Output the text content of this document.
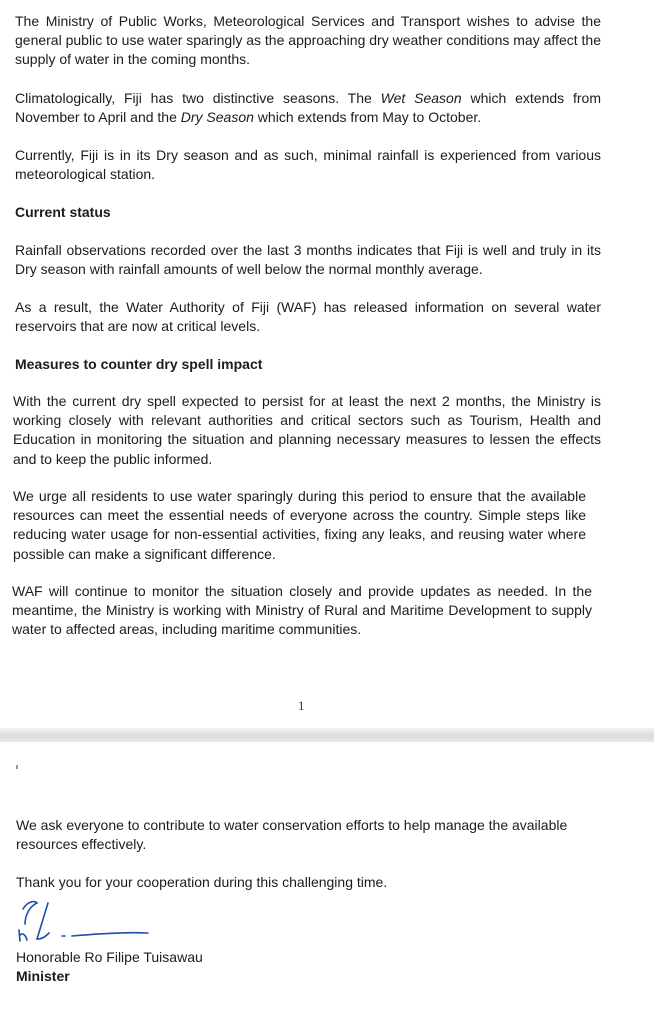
The Ministry of Public Works, Meteorological Services and Transport wishes to advise the general public to use water sparingly as the approaching dry weather conditions may affect the supply of water in the coming months.

Climatologically, Fiji has two distinctive seasons. The Wet Season which extends from November to April and the Dry Season which extends from May to October.

Currently, Fiji is in its Dry season and as such, minimal rainfall is experienced from various meteorological station.

Current status

Rainfall observations recorded over the last 3 months indicates that Fiji is well and truly in its Dry season with rainfall amounts of well below the normal monthly average.

As a result, the Water Authority of Fiji (WAF) has released information on several water reservoirs that are now at critical levels.

Measures to counter dry spell impact

With the current dry spell expected to persist for at least the next 2 months, the Ministry is working closely with relevant authorities and critical sectors such as Tourism, Health and Education in monitoring the situation and planning necessary measures to lessen the effects and to keep the public informed.

We urge all residents to use water sparingly during this period to ensure that the available resources can meet the essential needs of everyone across the country. Simple steps like reducing water usage for non-essential activities, fixing any leaks, and reusing water where possible can make a significant difference.

WAF will continue to monitor the situation closely and provide updates as needed. In the meantime, the Ministry is working with Ministry of Rural and Maritime Development to supply water to affected areas, including maritime communities.

1

We ask everyone to contribute to water conservation efforts to help manage the available resources effectively.

Thank you for your cooperation during this challenging time.

Honorable Ro Filipe Tuisawau

Minister
